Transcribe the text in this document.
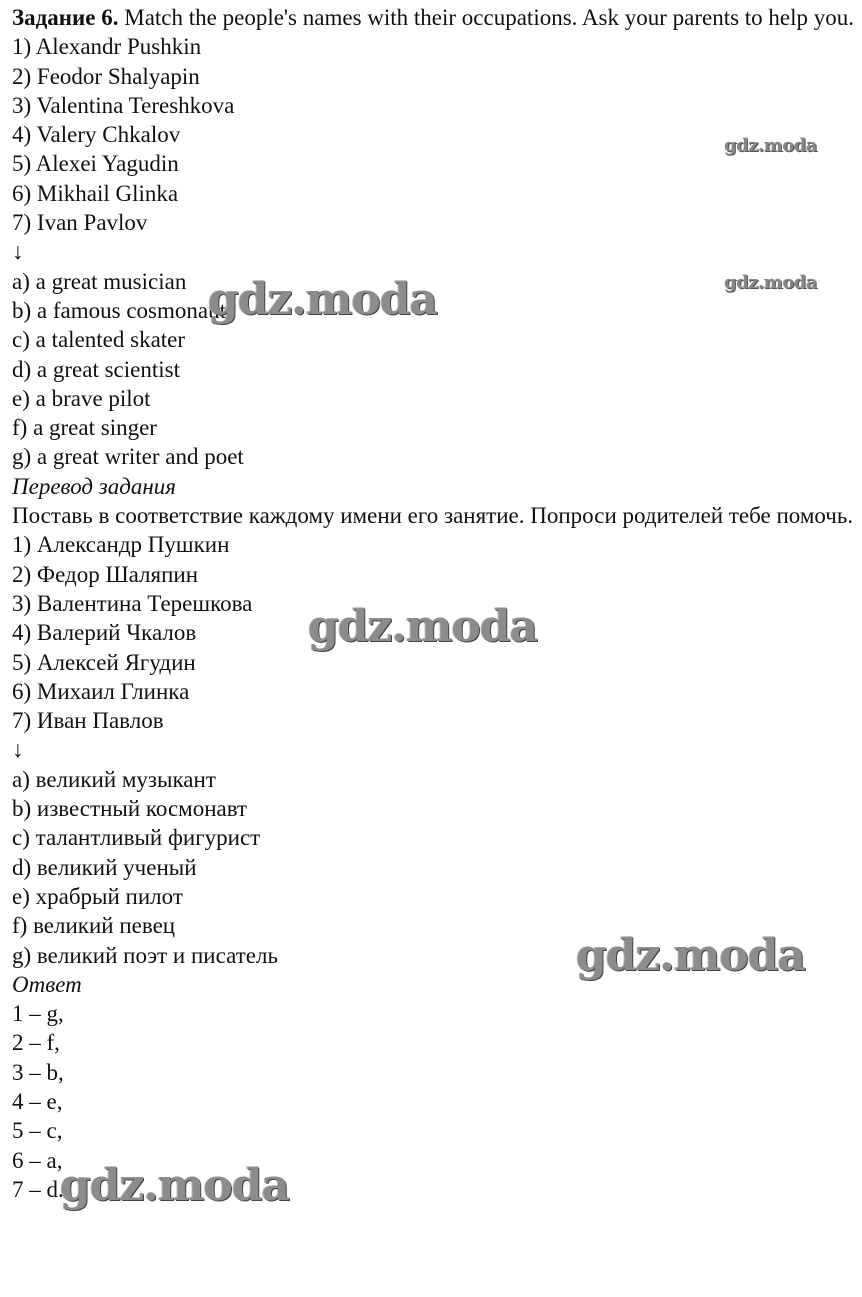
Задание 6. Match the people's names with their occupations. Ask your parents to help you.
1) Alexandr Pushkin
2) Feodor Shalyapin
3) Valentina Tereshkova
4) Valery Chkalov
5) Alexei Yagudin
6) Mikhail Glinka
7) Ivan Pavlov
↓
a) a great musician
b) a famous cosmonaut
c) a talented skater
d) a great scientist
e) a brave pilot
f) a great singer
g) a great writer and poet
Перевод задания
Поставь в соответствие каждому имени его занятие. Попроси родителей тебе помочь.
1) Александр Пушкин
2) Федор Шаляпин
3) Валентина Терешкова
4) Валерий Чкалов
5) Алексей Ягудин
6) Михаил Глинка
7) Иван Павлов
↓
a) великий музыкант
b) известный космонавт
c) талантливый фигурист
d) великий ученый
e) храбрый пилот
f) великий певец
g) великий поэт и писатель
Ответ
1 – g,
2 – f,
3 – b,
4 – e,
5 – c,
6 – a,
7 – d.
gdz.moda
gdz.moda
gdz.moda
gdz.moda
gdz.moda
gdz.moda
